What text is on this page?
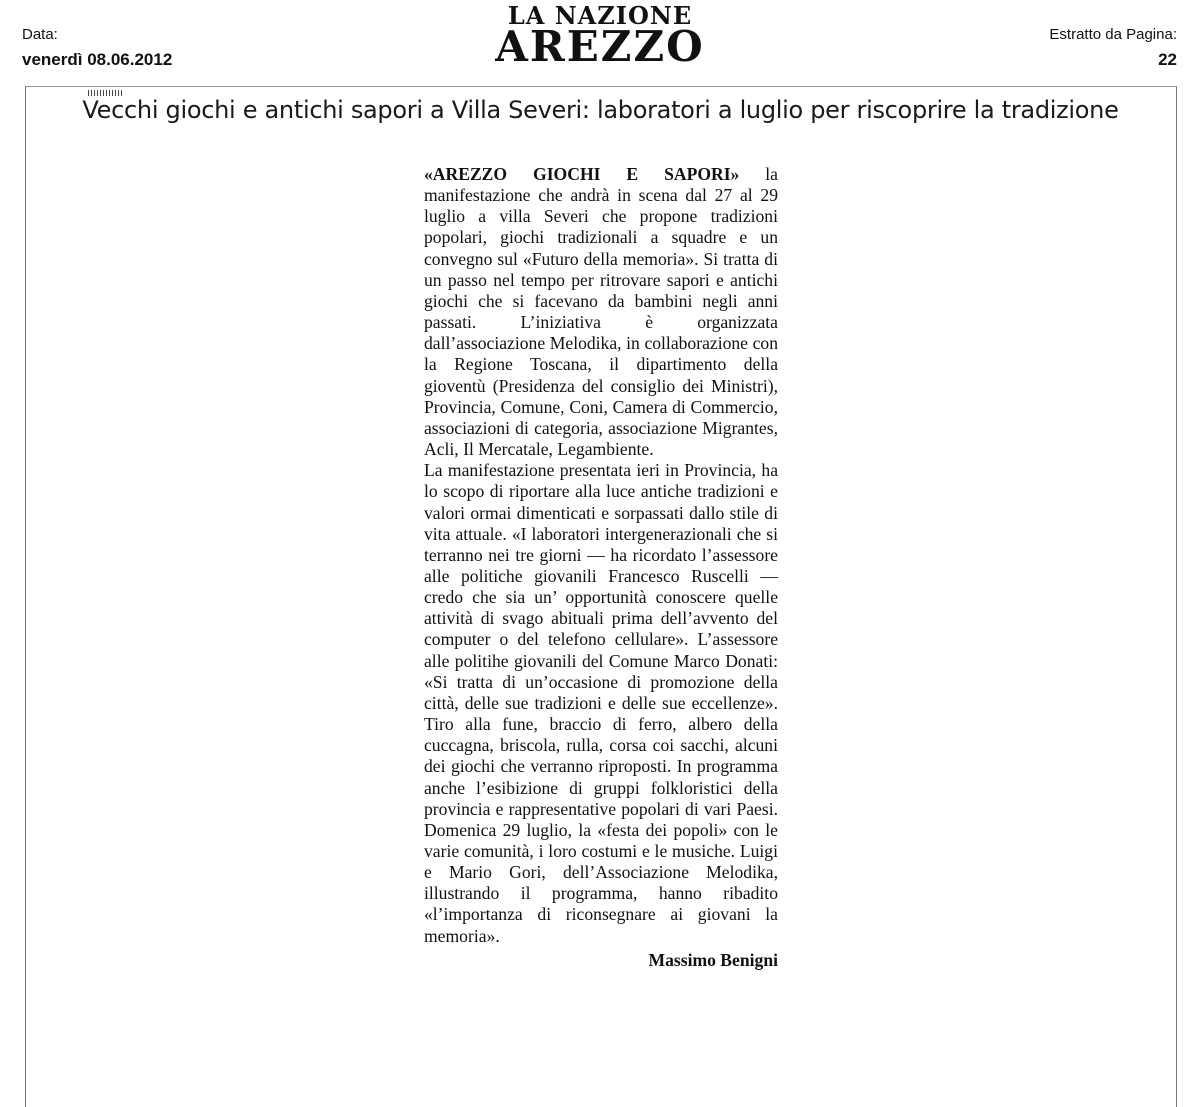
Data:
venerdì 08.06.2012
LA NAZIONE
AREZZO	Estratto da Pagina:
22
Vecchi giochi e antichi sapori a Villa Severi: laboratori a luglio per riscoprire la tradizione

«AREZZO GIOCHI E SAPORI» la manifestazione che andrà in scena dal 27 al 29 luglio a villa Severi che propone tradizioni popolari, giochi tradizionali a squadre e un convegno sul «Futuro della memoria». Si tratta di un passo nel tempo per ritrovare sapori e antichi giochi che si facevano da bambini negli anni passati. L’iniziativa è organizzata dall’associazione Melodika, in collaborazione con la Regione Toscana, il dipartimento della gioventù (Presidenza del consiglio dei Ministri), Provincia, Comune, Coni, Camera di Commercio, associazioni di categoria, associazione Migrantes, Acli, Il Mercatale, Legambiente.

La manifestazione presentata ieri in Provincia, ha lo scopo di riportare alla luce antiche tradizioni e valori ormai dimenticati e sorpassati dallo stile di vita attuale. «I laboratori intergenerazionali che si terranno nei tre giorni — ha ricordato l’assessore alle politiche giovanili Francesco Ruscelli — credo che sia un’ opportunità conoscere quelle attività di svago abituali prima dell’avvento del computer o del telefono cellulare». L’assessore alle politihe giovanili del Comune Marco Donati: «Si tratta di un’occasione di promozione della città, delle sue tradizioni e delle sue eccellenze». Tiro alla fune, braccio di ferro, albero della cuccagna, briscola, rulla, corsa coi sacchi, alcuni dei giochi che verranno riproposti. In programma anche l’esibizione di gruppi folkloristici della provincia e rappresentative popolari di vari Paesi. Domenica 29 luglio, la «festa dei popoli» con le varie comunità, i loro costumi e le musiche. Luigi e Mario Gori, dell’Associazione Melodika, illustrando il programma, hanno ribadito «l’importanza di riconsegnare ai giovani la memoria».

Massimo Benigni
